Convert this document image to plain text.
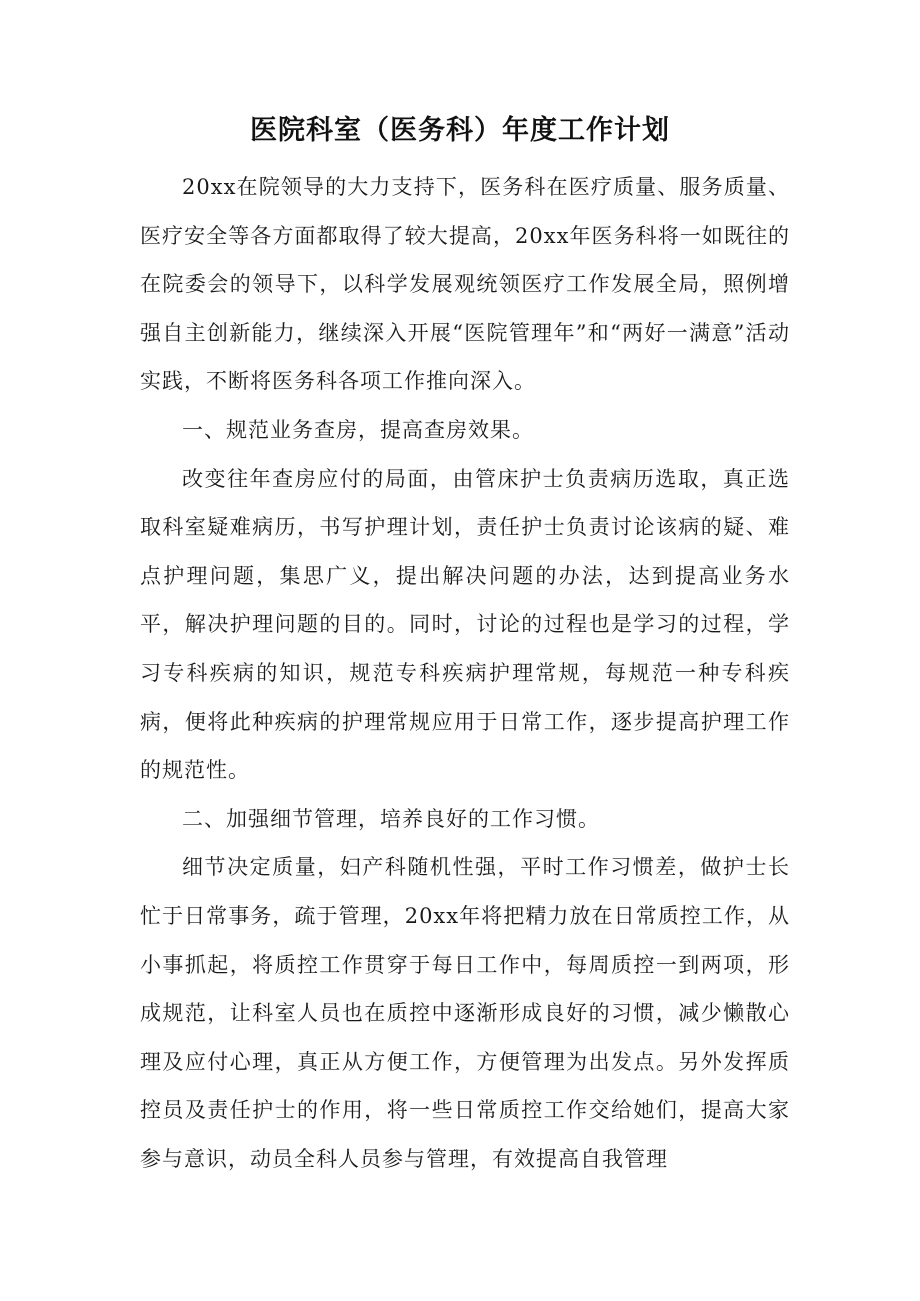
医院科室（医务科）年度工作计划

20xx在院领导的大力支持下，医务科在医疗质量、服务质量、医疗安全等各方面都取得了较大提高，20xx年医务科将一如既往的在院委会的领导下，以科学发展观统领医疗工作发展全局，照例增强自主创新能力，继续深入开展“医院管理年”和“两好一满意”活动实践，不断将医务科各项工作推向深入。

一、规范业务查房，提高查房效果。

改变往年查房应付的局面，由管床护士负责病历选取，真正选取科室疑难病历，书写护理计划，责任护士负责讨论该病的疑、难点护理问题，集思广义，提出解决问题的办法，达到提高业务水平，解决护理问题的目的。同时，讨论的过程也是学习的过程，学习专科疾病的知识，规范专科疾病护理常规，每规范一种专科疾病，便将此种疾病的护理常规应用于日常工作，逐步提高护理工作的规范性。

二、加强细节管理，培养良好的工作习惯。

细节决定质量，妇产科随机性强，平时工作习惯差，做护士长忙于日常事务，疏于管理，20xx年将把精力放在日常质控工作，从小事抓起，将质控工作贯穿于每日工作中，每周质控一到两项，形成规范，让科室人员也在质控中逐渐形成良好的习惯，减少懒散心理及应付心理，真正从方便工作，方便管理为出发点。另外发挥质控员及责任护士的作用，将一些日常质控工作交给她们，提高大家参与意识，动员全科人员参与管理，有效提高自我管理
